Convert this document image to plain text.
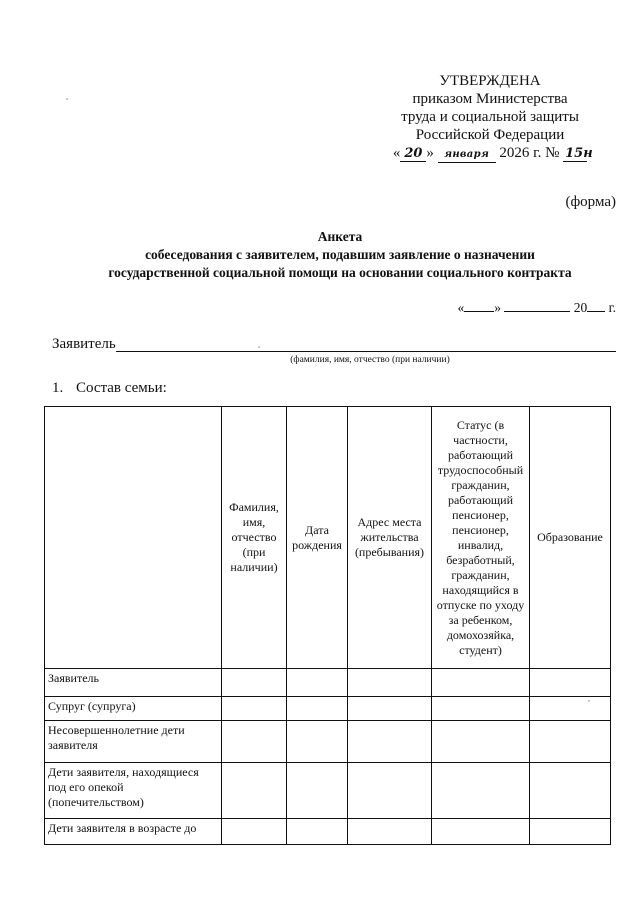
УТВЕРЖДЕНА
приказом Министерства
труда и социальной защиты
Российской Федерации
« 20 » января 2026 г. № 15н
(форма)
Анкета
собеседования с заявителем, подавшим заявление о назначении
государственной социальной помощи на основании социального контракта
« »	20 г.
Заявитель
(фамилия, имя, отчество (при наличии)
1. Состав семьи:
	Фамилия, имя, отчество (при наличии)	Дата рождения	Адрес места жительства (пребывания)	Статус (в частности, работающий трудоспособный гражданин, работающий пенсионер, пенсионер, инвалид, безработный, гражданин, находящийся в отпуске по уходу за ребенком, домохозяйка, студент)	Образование
Заявитель					
Супруг (супруга)					
Несовершеннолетние дети заявителя					
Дети заявителя, находящиеся под его опекой (попечительством)					
Дети заявителя в возрасте до					
